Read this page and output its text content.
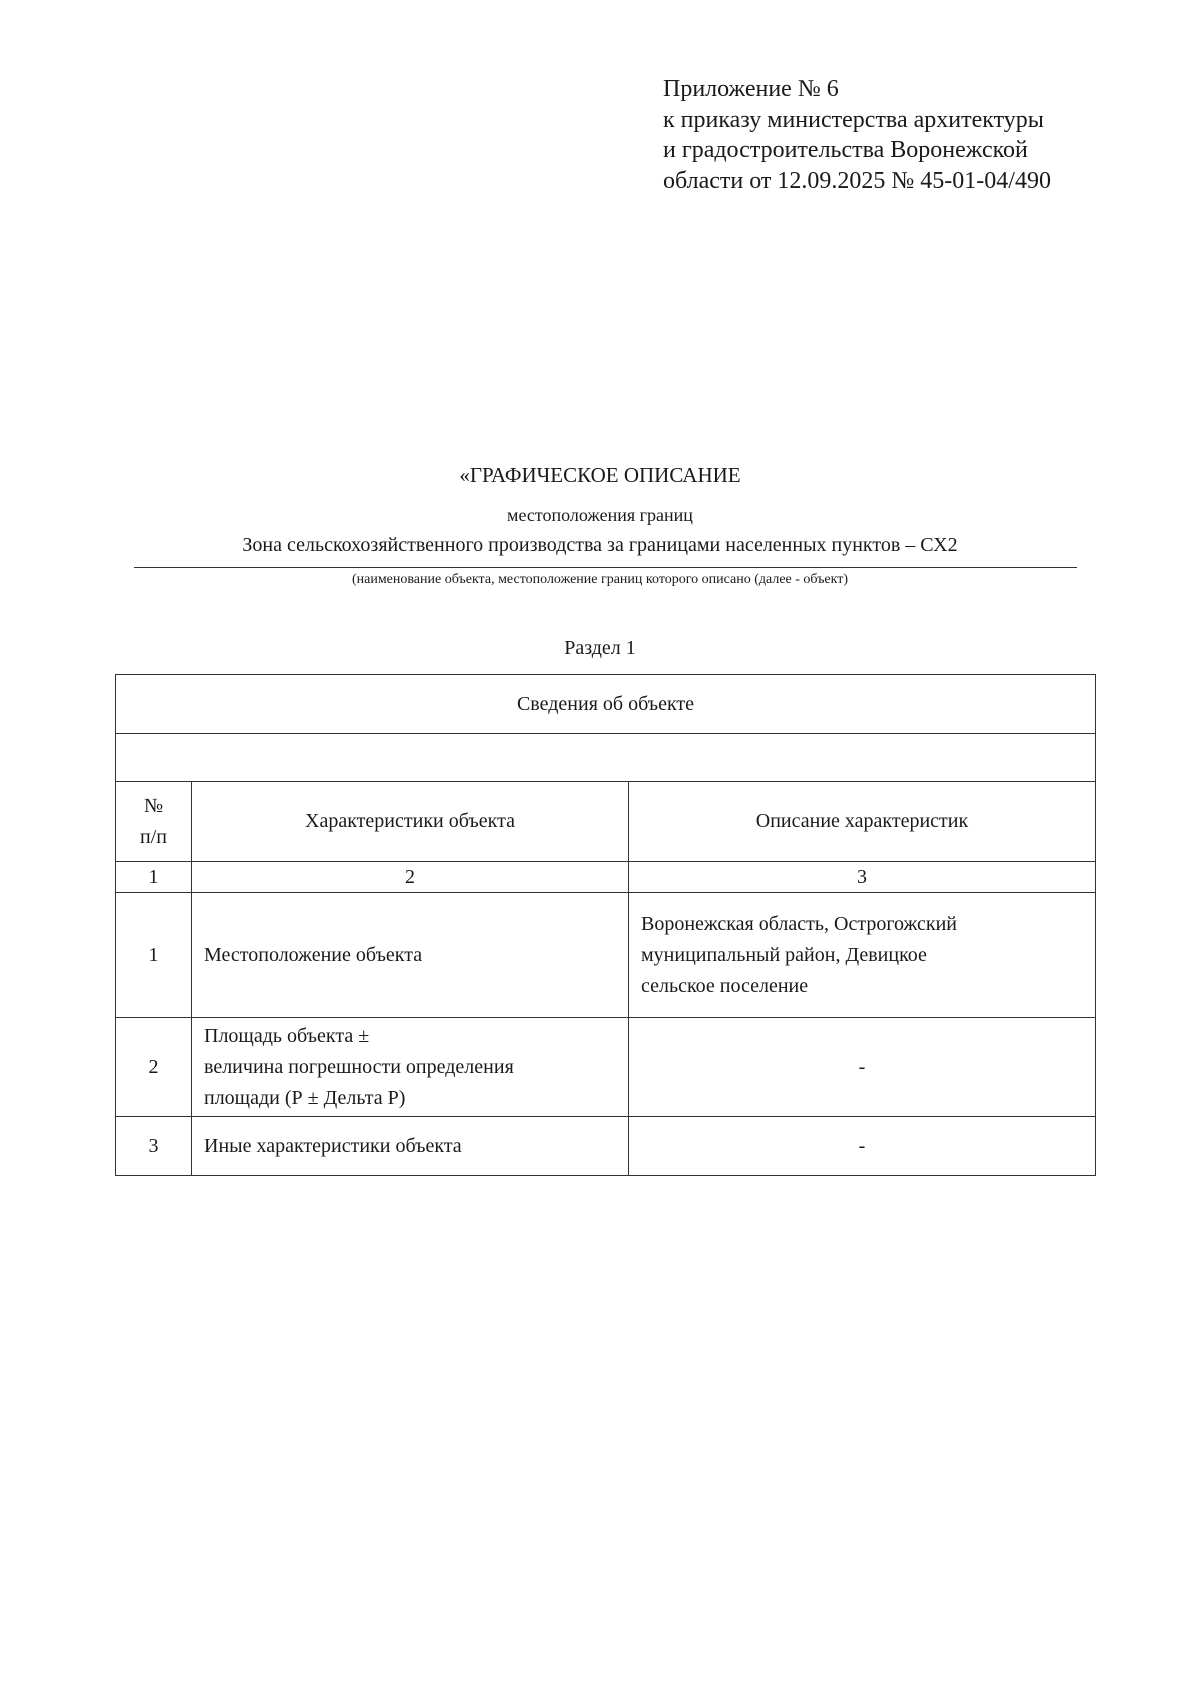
Приложение № 6
к приказу министерства архитектуры
и градостроительства Воронежской
области от 12.09.2025 № 45-01-04/490
«ГРАФИЧЕСКОЕ ОПИСАНИЕ
местоположения границ
Зона сельскохозяйственного производства за границами населенных пунктов – СХ2
(наименование объекта, местоположение границ которого описано (далее - объект)
Раздел 1
Сведения об объекте		

№
п/п	Характеристики объекта	Описание характеристик
1	2	3
1	Местоположение объекта	Воронежская область, Острогожский
муниципальный район, Девицкое
сельское поселение

2	Площадь объекта ±
величина погрешности определения
площади (Р ± Дельта Р)	-

3	Иные характеристики объекта	-
